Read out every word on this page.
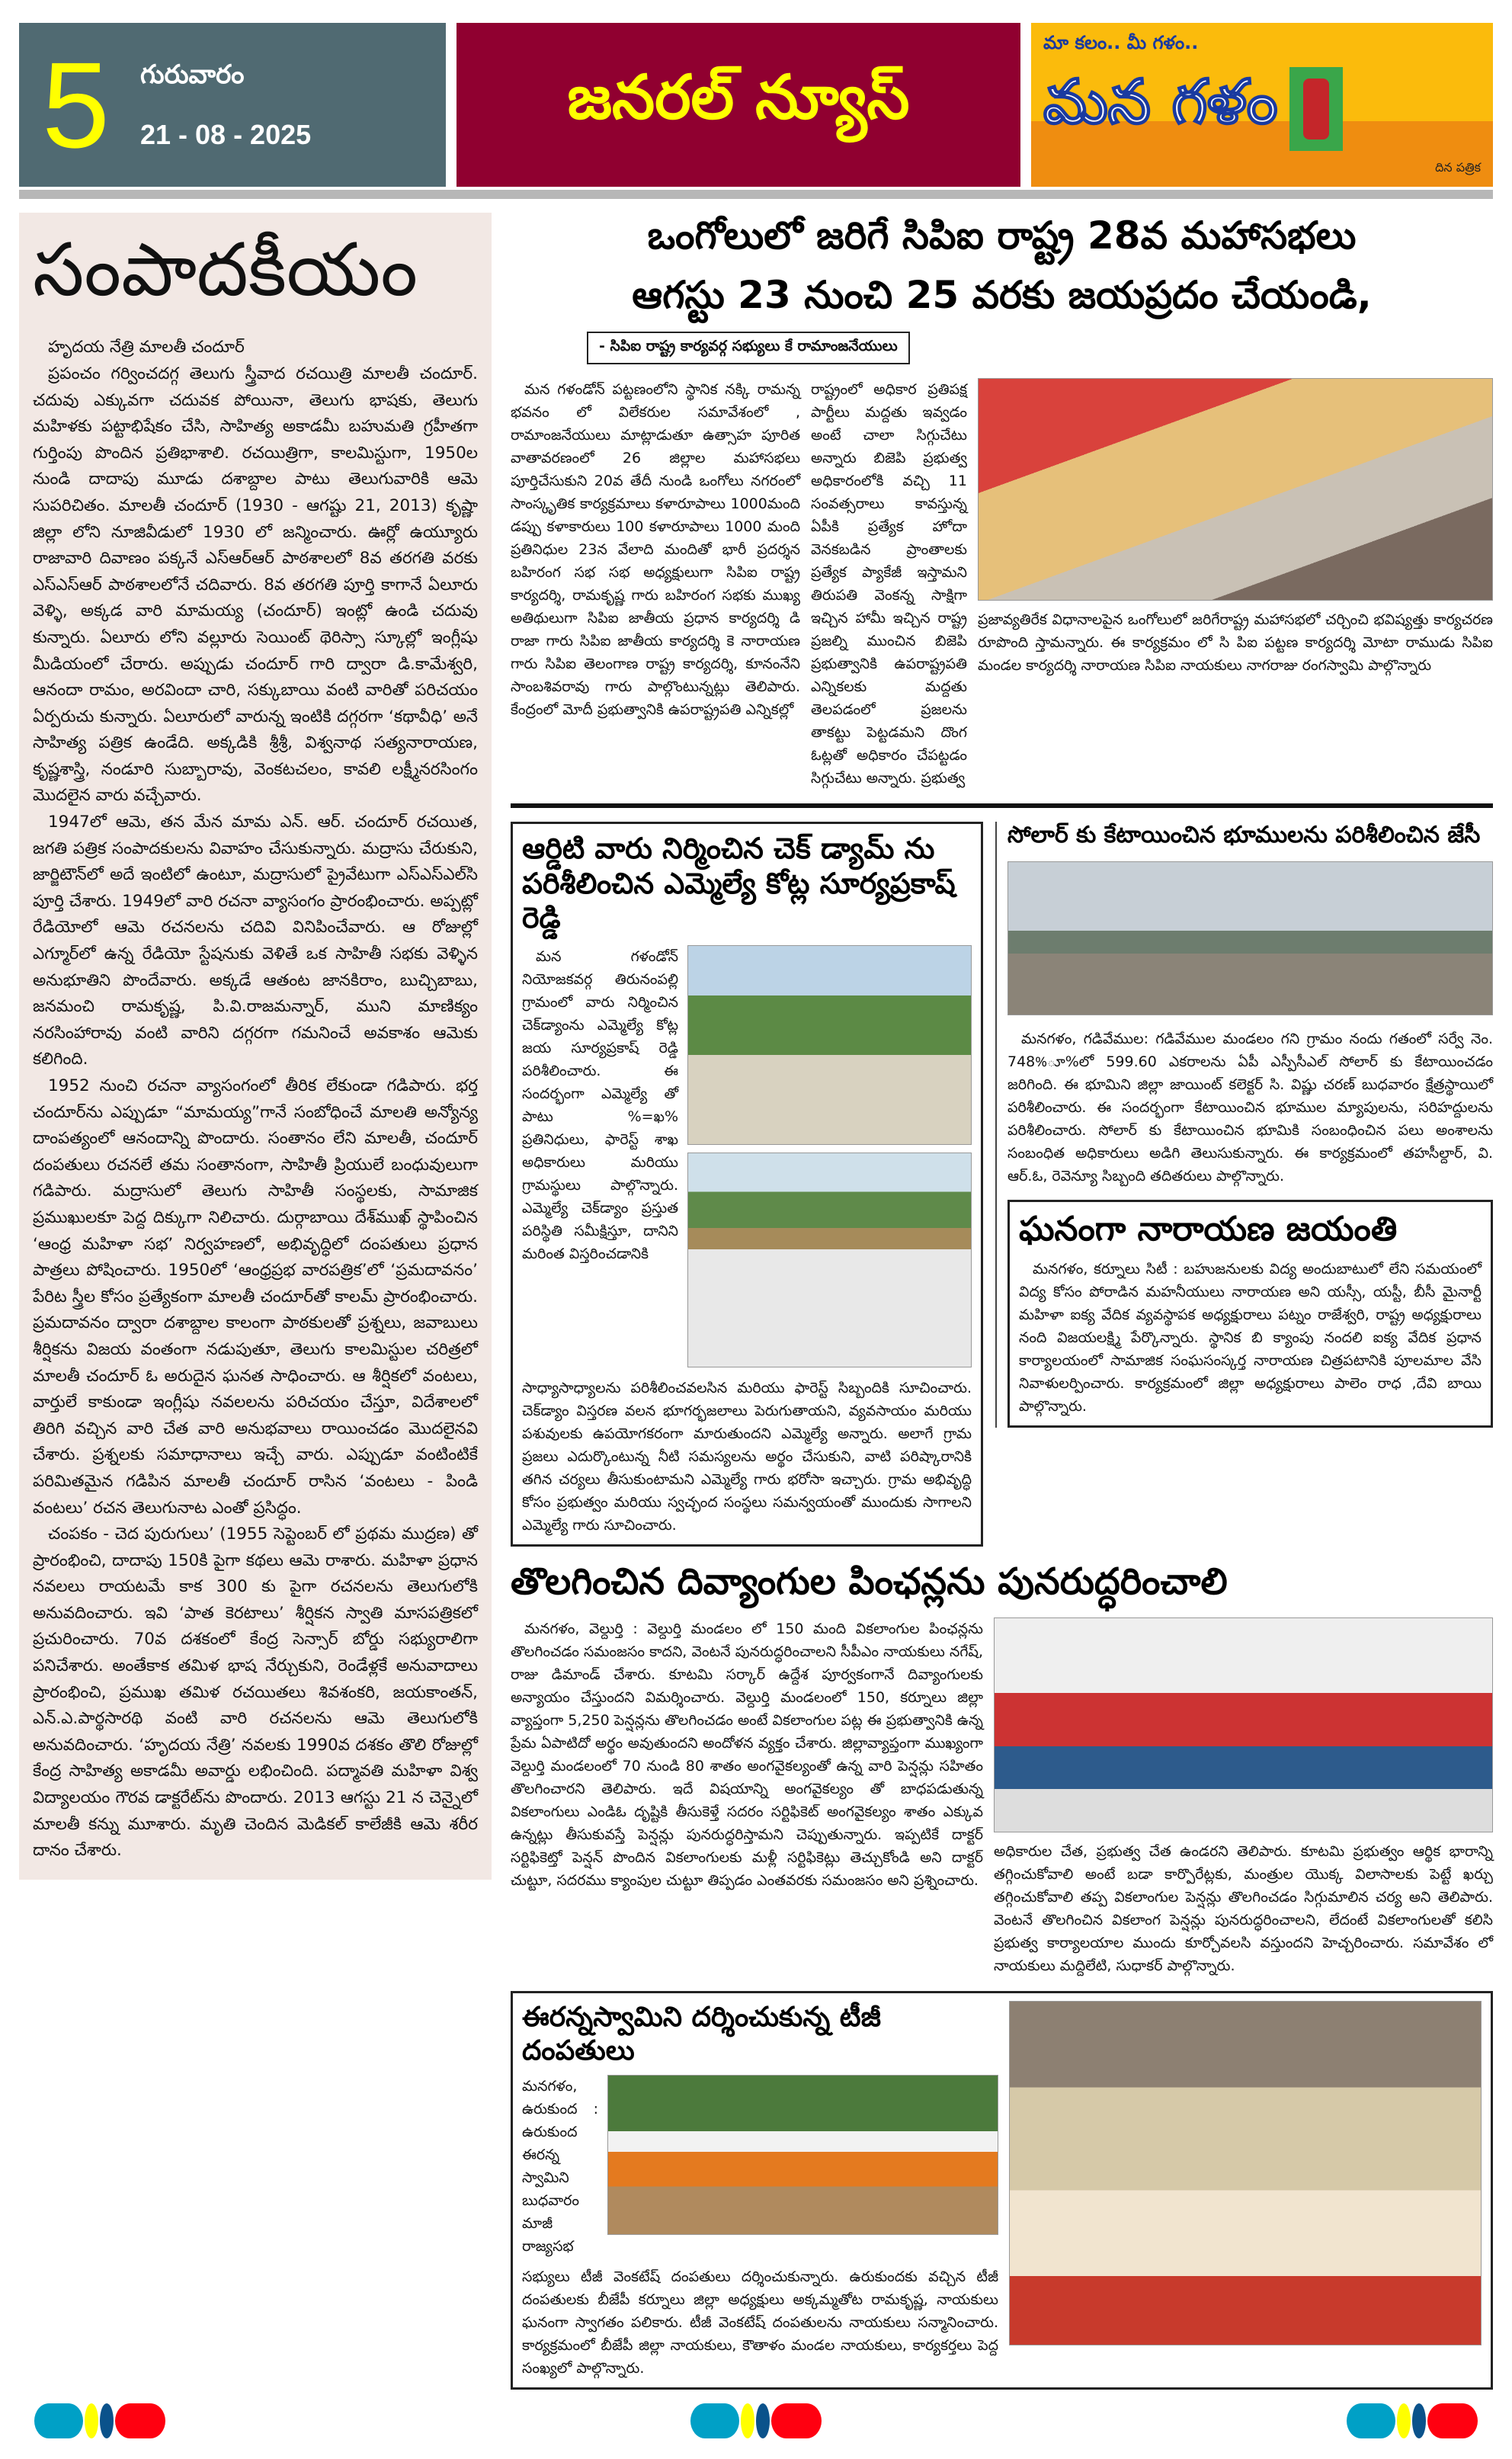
5 గురువారం
21 - 08 - 2025
జనరల్ న్యూస్
మా కలం.. మీ గళం..
మన గళం
దిన పత్రిక
సంపాదకీయం

హృదయ నేత్రి మాలతీ చందూర్

ప్రపంచం గర్వించదగ్గ తెలుగు స్త్రీవాద రచయిత్రి మాలతీ చందూర్. చదువు ఎక్కువగా చదువక పోయినా, తెలుగు భాషకు, తెలుగు మహిళకు పట్టాభిషేకం చేసి, సాహిత్య అకాడమీ బహుమతి గ్రహీతగా గుర్తింపు పొందిన ప్రతిభాశాలి. రచయిత్రిగా, కాలమిస్టుగా, 1950ల నుండి దాదాపు మూడు దశాబ్దాల పాటు తెలుగువారికి ఆమె సుపరిచితం. మాలతీ చందూర్ (1930 - ఆగష్టు 21, 2013) కృష్ణా జిల్లా లోని నూజివీడులో 1930 లో జన్మించారు. ఊర్లో ఉయ్యూరు రాజావారి దివాణం పక్కనే ఎస్ఆర్ఆర్ పాఠశాలలో 8వ తరగతి వరకు ఎస్ఎస్ఆర్ పాఠశాలలోనే చదివారు. 8వ తరగతి పూర్తి కాగానే ఏలూరు వెళ్ళి, అక్కడ వారి మామయ్య (చందూర్) ఇంట్లో ఉండి చదువు కున్నారు. ఏలూరు లోని వల్లూరు సెయింట్ థెరిస్సా స్కూల్లో ఇంగ్లీషు మీడియంలో చేరారు. అప్పుడు చందూర్ గారి ద్వారా డి.కామేశ్వరి, ఆనందా రామం, అరవిందా చారి, సక్కుబాయి వంటి వారితో పరిచయం ఏర్పరుచు కున్నారు. ఏలూరులో వారున్న ఇంటికి దగ్గరగా ‘కథావీధి’ అనే సాహిత్య పత్రిక ఉండేది. అక్కడికి శ్రీశ్రీ, విశ్వనాథ సత్యనారాయణ, కృష్ణశాస్త్రి, నండూరి సుబ్బారావు, వెంకటచలం, కావలి లక్ష్మీనరసింగం మొదలైన వారు వచ్చేవారు.

1947లో ఆమె, తన మేన మామ ఎన్. ఆర్. చందూర్ రచయిత, జగతి పత్రిక సంపాదకులను వివాహం చేసుకున్నారు. మద్రాసు చేరుకుని, జార్జిటౌన్‌లో అదే ఇంటిలో ఉంటూ, మద్రాసులో ప్రైవేటుగా ఎస్ఎస్ఎల్‌సి పూర్తి చేశారు. 1949లో వారి రచనా వ్యాసంగం ప్రారంభించారు. అప్పట్లో రేడియోలో ఆమె రచనలను చదివి వినిపించేవారు. ఆ రోజుల్లో ఎగ్మూర్‌లో ఉన్న రేడియో స్టేషనుకు వెళితే ఒక సాహితీ సభకు వెళ్ళిన అనుభూతిని పొందేవారు. అక్కడే ఆతంట జానకిరాం, బుచ్చిబాబు, జనమంచి రామకృష్ణ, పి.వి.రాజమన్నార్, ముని మాణిక్యం నరసింహారావు వంటి వారిని దగ్గరగా గమనించే అవకాశం ఆమెకు కలిగింది.

1952 నుంచి రచనా వ్యాసంగంలో తీరిక లేకుండా గడిపారు. భర్త చందూర్‌ను ఎప్పుడూ “మామయ్య”గానే సంబోధించే మాలతి అన్యోన్య దాంపత్యంలో ఆనందాన్ని పొందారు. సంతానం లేని మాలతీ, చందూర్ దంపతులు రచనలే తమ సంతానంగా, సాహితీ ప్రియులే బంధువులుగా గడిపారు. మద్రాసులో తెలుగు సాహితీ సంస్థలకు, సామాజిక ప్రముఖులకూ పెద్ద దిక్కుగా నిలిచారు. దుర్గాబాయి దేశ్‌ముఖ్ స్థాపించిన ‘ఆంధ్ర మహిళా సభ’ నిర్వహణలో, అభివృద్ధిలో దంపతులు ప్రధాన పాత్రలు పోషించారు. 1950లో ‘ఆంధ్రప్రభ వారపత్రిక’లో ‘ప్రమదావనం’ పేరిట స్త్రీల కోసం ప్రత్యేకంగా మాలతీ చందూర్‌తో కాలమ్ ప్రారంభించారు. ప్రమదావనం ద్వారా దశాబ్దాల కాలంగా పాఠకులతో ప్రశ్నలు, జవాబులు శీర్షికను విజయ వంతంగా నడుపుతూ, తెలుగు కాలమిస్టుల చరిత్రలో మాలతీ చందూర్ ఓ అరుదైన ఘనత సాధించారు. ఆ శీర్షికలో వంటలు, వార్తులే కాకుండా ఇంగ్లీషు నవలలను పరిచయం చేస్తూ, విదేశాలలో తిరిగి వచ్చిన వారి చేత వారి అనుభవాలు రాయించడం మొదలైనవి చేశారు. ప్రశ్నలకు సమాధానాలు ఇచ్చే వారు. ఎప్పుడూ వంటింటికే పరిమితమైన గడిపిన మాలతీ చందూర్ రాసిన ‘వంటలు - పిండి వంటలు’ రచన తెలుగునాట ఎంతో ప్రసిద్ధం.

చంపకం - చెద పురుగులు’ (1955 సెప్టెంబర్ లో ప్రథమ ముద్రణ) తో ప్రారంభించి, దాదాపు 150కి పైగా కథలు ఆమె రాశారు. మహిళా ప్రధాన నవలలు రాయటమే కాక 300 కు పైగా రచనలను తెలుగులోకి అనువదించారు. ఇవి ‘పాత కెరటాలు’ శీర్షికన స్వాతి మాసపత్రికలో ప్రచురించారు. 70వ దశకంలో కేంద్ర సెన్సార్ బోర్డు సభ్యురాలిగా పనిచేశారు. అంతేకాక తమిళ భాష నేర్చుకుని, రెండేళ్లకే అనువాదాలు ప్రారంభించి, ప్రముఖ తమిళ రచయితలు శివశంకరి, జయకాంతన్, ఎన్.ఎ.పార్థసారథి వంటి వారి రచనలను ఆమె తెలుగులోకి అనువదించారు. ‘హృదయ నేత్రి’ నవలకు 1990వ దశకం తొలి రోజుల్లో కేంద్ర సాహిత్య అకాడమీ అవార్డు లభించింది. పద్మావతి మహిళా విశ్వ విద్యాలయం గౌరవ డాక్టరేట్‌ను పొందారు. 2013 ఆగస్టు 21 న చెన్నైలో మాలతీ కన్ను మూశారు. మృతి చెందిన మెడికల్ కాలేజీకి ఆమె శరీర దానం చేశారు.

ఒంగోలులో జరిగే సిపిఐ రాష్ట్ర 28వ మహాసభలు
ఆగస్టు 23 నుంచి 25 వరకు జయప్రదం చేయండి,
- సిపిఐ రాష్ట్ర కార్యవర్గ సభ్యులు కే రామాంజనేయులు

మన గళండోన్ పట్టణంలోని స్థానిక నక్కి రామన్న భవనం లో విలేకరుల సమావేశంలో , రామాంజనేయులు మాట్లాడుతూ ఉత్సాహ పూరిత వాతావరణంలో 26 జిల్లాల మహాసభలు పూర్తిచేసుకుని 20వ తేదీ నుండి ఒంగోలు నగరంలో సాంస్కృతిక కార్యక్రమాలు కళారూపాలు 1000మంది డప్పు కళాకారులు 100 కళారూపాలు 1000 మంది ప్రతినిధుల 23న వేలాది మందితో భారీ ప్రదర్శన బహిరంగ సభ సభ అధ్యక్షులుగా సిపిఐ రాష్ట్ర కార్యదర్శి, రామకృష్ణ గారు బహిరంగ సభకు ముఖ్య అతిథులుగా సిపిఐ జాతీయ ప్రధాన కార్యదర్శి డి రాజా గారు సిపిఐ జాతీయ కార్యదర్శి కె నారాయణ గారు సిపిఐ తెలంగాణ రాష్ట్ర కార్యదర్శి, కూనంనేని సాంబశివరావు గారు పాల్గొంటున్నట్లు తెలిపారు. కేంద్రంలో మోదీ ప్రభుత్వానికి ఉపరాష్ట్రపతి ఎన్నికల్లో

రాష్ట్రంలో అధికార ప్రతిపక్ష పార్టీలు మద్దతు ఇవ్వడం అంటే చాలా సిగ్గుచేటు అన్నారు బిజెపి ప్రభుత్వ అధికారంలోకి వచ్చి 11 సంవత్సరాలు కావస్తున్న ఏపీకి ప్రత్యేక హోదా వెనకబడిన ప్రాంతాలకు ప్రత్యేక ప్యాకేజీ ఇస్తామని తిరుపతి వెంకన్న సాక్షిగా ఇచ్చిన హామీ ఇచ్చిన రాష్ట్ర ప్రజల్ని ముంచిన బిజెపి ప్రభుత్వానికి ఉపరాష్ట్రపతి ఎన్నికలకు మద్దతు తెలపడంలో ప్రజలను తాకట్టు పెట్టడమని దొంగ ఓట్లతో అధికారం చేపట్టడం సిగ్గుచేటు అన్నారు. ప్రభుత్వ

ప్రజావ్యతిరేక విధానాలపైన ఒంగోలులో జరిగేరాష్ట్ర మహాసభలో చర్చించి భవిష్యత్తు కార్యచరణ రూపొంది స్తామన్నారు. ఈ కార్యక్రమం లో సి పిఐ పట్టణ కార్యదర్శి మోటా రాముడు సిపిఐ మండల కార్యదర్శి నారాయణ సిపిఐ నాయకులు నాగరాజు రంగస్వామి పాల్గొన్నారు

ఆర్డిటి వారు నిర్మించిన చెక్ డ్యామ్ ను పరిశీలించిన ఎమ్మెల్యే కోట్ల సూర్యప్రకాష్ రెడ్డి

మన గళండోన్ నియోజకవర్గ తిరునంపల్లి గ్రామంలో వారు నిర్మించిన చెక్‌డ్యాంను ఎమ్మెల్యే కోట్ల జయ సూర్యప్రకాష్ రెడ్డి పరిశీలించారు. ఈ సందర్భంగా ఎమ్మెల్యే తో పాటు %=ఖ% ప్రతినిధులు, ఫారెస్ట్ శాఖ అధికారులు మరియు గ్రామస్థులు పాల్గొన్నారు. ఎమ్మెల్యే చెక్‌డ్యాం ప్రస్తుత పరిస్థితి సమీక్షిస్తూ, దానిని మరింత విస్తరించడానికి

సాధ్యాసాధ్యాలను పరిశీలించవలసిన మరియు ఫారెస్ట్ సిబ్బందికి సూచించారు. చెక్‌డ్యాం విస్తరణ వలన భూగర్భజలాలు పెరుగుతాయని, వ్యవసాయం మరియు పశువులకు ఉపయోగకరంగా మారుతుందని ఎమ్మెల్యే అన్నారు. అలాగే గ్రామ ప్రజలు ఎదుర్కొంటున్న నీటి సమస్యలను అర్థం చేసుకుని, వాటి పరిష్కారానికి తగిన చర్యలు తీసుకుంటామని ఎమ్మెల్యే గారు భరోసా ఇచ్చారు. గ్రామ అభివృద్ధి కోసం ప్రభుత్వం మరియు స్వచ్ఛంద సంస్థలు సమన్వయంతో ముందుకు సాగాలని ఎమ్మెల్యే గారు సూచించారు.

సోలార్ కు కేటాయించిన భూములను పరిశీలించిన జేసీ

మనగళం, గడివేముల: గడివేముల మండలం గని గ్రామం నందు గతంలో సర్వే నెం. 748%ూ%లో 599.60 ఎకరాలను ఏపీ ఎస్పీసీఎల్ సోలార్ కు కేటాయించడం జరిగింది. ఈ భూమిని జిల్లా జాయింట్ కలెక్టర్ సి. విష్ణు చరణ్ బుధవారం క్షేత్రస్థాయిలో పరిశీలించారు. ఈ సందర్భంగా కేటాయించిన భూముల మ్యాపులను, సరిహద్దులను పరిశీలించారు. సోలార్ కు కేటాయించిన భూమికి సంబంధించిన పలు అంశాలను సంబంధిత అధికారులు అడిగి తెలుసుకున్నారు. ఈ కార్యక్రమంలో తహసీల్దార్, వి. ఆర్.ఓ, రెవెన్యూ సిబ్బంది తదితరులు పాల్గొన్నారు.

ఘనంగా నారాయణ జయంతి

మనగళం, కర్నూలు సిటీ : బహుజనులకు విద్య అందుబాటులో లేని సమయంలో విద్య కోసం పోరాడిన మహనీయులు నారాయణ అని యస్సీ, యస్టీ, బీసీ మైనార్టీ మహిళా ఐక్య వేదిక వ్యవస్థాపక అధ్యక్షురాలు పట్నం రాజేశ్వరి, రాష్ట్ర అధ్యక్షురాలు నంది విజయలక్ష్మి పేర్కొన్నారు. స్థానిక బి క్యాంపు నందలి ఐక్య వేదిక ప్రధాన కార్యాలయంలో సామాజిక సంఘసంస్కర్త నారాయణ చిత్రపటానికి పూలమాల వేసి నివాళులర్పించారు. కార్యక్రమంలో జిల్లా అధ్యక్షురాలు పాలెం రాధ ,దేవి బాయి పాల్గొన్నారు.

తొలగించిన దివ్యాంగుల పింఛన్లను పునరుద్ధరించాలి

మనగళం, వెల్దుర్తి : వెల్దుర్తి మండలం లో 150 మంది వికలాంగుల పింఛన్లను తొలగించడం సమంజసం కాదని, వెంటనే పునరుద్ధరించాలని సీపీఎం నాయకులు నగేష్, రాజు డిమాండ్ చేశారు. కూటమి సర్కార్ ఉద్దేశ పూర్వకంగానే దివ్యాంగులకు అన్యాయం చేస్తుందని విమర్శించారు. వెల్దుర్తి మండలంలో 150, కర్నూలు జిల్లా వ్యాప్తంగా 5,250 పెన్షన్లను తొలగించడం అంటే వికలాంగుల పట్ల ఈ ప్రభుత్వానికి ఉన్న ప్రేమ ఏపాటిదో అర్థం అవుతుందని అందోళన వ్యక్తం చేశారు. జిల్లావ్యాప్తంగా ముఖ్యంగా వెల్దుర్తి మండలంలో 70 నుండి 80 శాతం అంగవైకల్యంతో ఉన్న వారి పెన్షన్లు సహితం తొలగించారని తెలిపారు. ఇదే విషయాన్ని అంగవైకల్యం తో బాధపడుతున్న వికలాంగులు ఎండిఓ దృష్టికి తీసుకెళ్తే సదరం సర్టిఫికెట్ అంగవైకల్యం శాతం ఎక్కువ ఉన్నట్లు తీసుకువస్తే పెన్షన్లు పునరుద్ధరిస్తామని చెప్పుతున్నారు. ఇప్పటికే దాక్టర్ సర్టిఫికెట్తో పెన్షన్ పొందిన వికలాంగులకు మళ్లీ సర్టిఫికెట్లు తెచ్చుకోండి అని దాక్టర్ చుట్టూ, సదరము క్యాంపుల చుట్టూ తిప్పడం ఎంతవరకు సమంజసం అని ప్రశ్నించారు.

అధికారుల చేత, ప్రభుత్వ చేత ఉండరని తెలిపారు. కూటమి ప్రభుత్వం ఆర్థిక భారాన్ని తగ్గించుకోవాలి అంటే బడా కార్పొరేట్లకు, మంత్రుల యొక్క విలాసాలకు పెట్టే ఖర్చు తగ్గించుకోవాలి తప్ప వికలాంగుల పెన్షన్లు తొలగించడం సిగ్గుమాలిన చర్య అని తెలిపారు. వెంటనే తొలగించిన వికలాంగ పెన్షన్లు పునరుద్ధరించాలని, లేదంటే వికలాంగులతో కలిసి ప్రభుత్వ కార్యాలయాల ముందు కూర్చోవలసి వస్తుందని హెచ్చరించారు. సమావేశం లో నాయకులు మద్దిలేటి, సుధాకర్ పాల్గొన్నారు.

ఈరన్నస్వామిని దర్శించుకున్న టీజీ దంపతులు

మనగళం, ఉరుకుంద : ఉరుకుంద ఈరన్న స్వామిని బుధవారం మాజీ రాజ్యసభ

సభ్యులు టీజీ వెంకటేష్ దంపతులు దర్శించుకున్నారు. ఉరుకుందకు వచ్చిన టీజీ దంపతులకు బీజేపీ కర్నూలు జిల్లా అధ్యక్షులు అక్కమ్మతోట రామకృష్ణ, నాయకులు ఘనంగా స్వాగతం పలికారు. టీజీ వెంకటేష్ దంపతులను నాయకులు సన్మానించారు. కార్యక్రమంలో బీజేపీ జిల్లా నాయకులు, కౌతాళం మండల నాయకులు, కార్యకర్తలు పెద్ద సంఖ్యలో పాల్గొన్నారు.
